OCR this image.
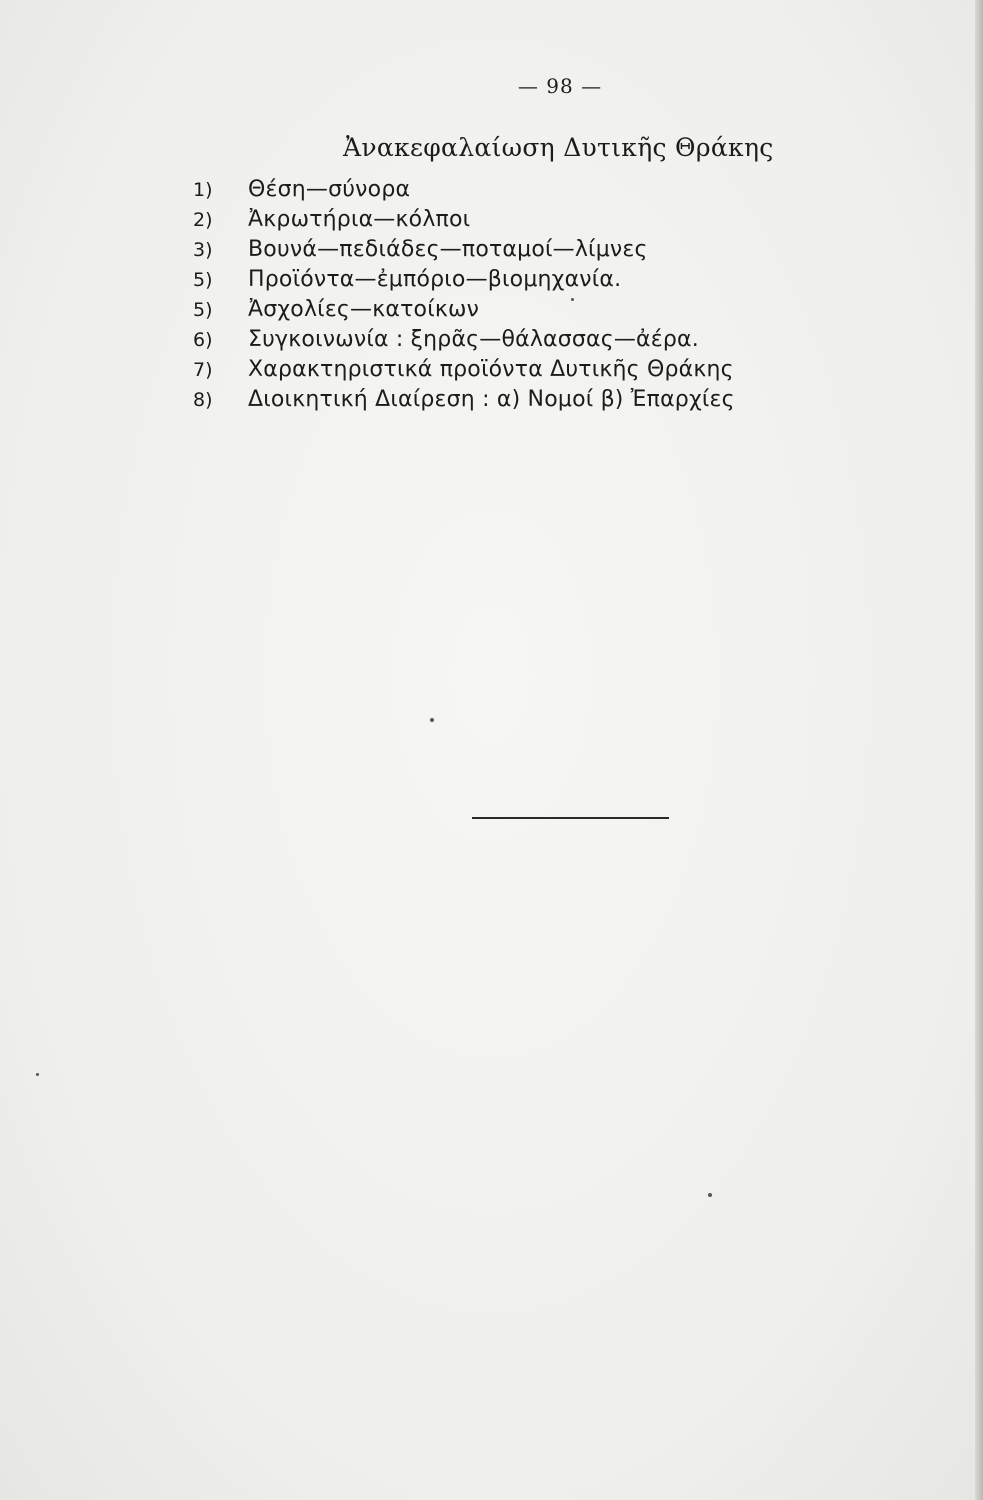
— 98 —
Ἀνακεφαλαίωση Δυτικῆς Θράκης
1)	Θέση—σύνορα
2)	Ἀκρωτήρια—κόλποι
3)	Βουνά—πεδιάδες—ποταμοί—λίμνες
5)	Προϊόντα—ἐμπόριο—βιομηχανία.
5)	Ἀσχολίες—κατοίκων
6)	Συγκοινωνία : ξηρᾶς—θάλασσας—ἀέρα.
7)	Χαρακτηριστικά προϊόντα Δυτικῆς Θράκης
8)	Διοικητική Διαίρεση : α) Νομοί β) Ἐπαρχίες
